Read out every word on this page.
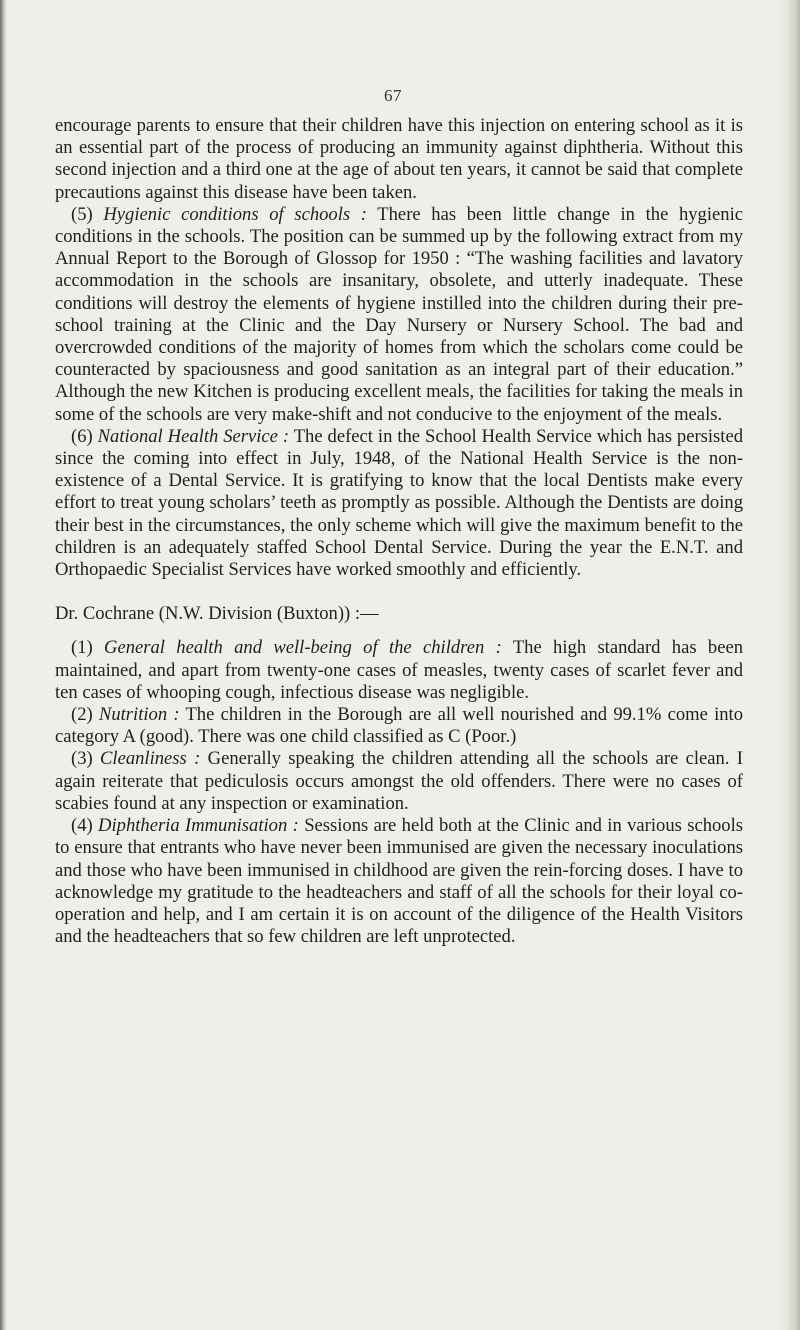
67

encourage parents to ensure that their children have this injection on entering school as it is an essential part of the process of producing an immunity against diphtheria. Without this second injection and a third one at the age of about ten years, it cannot be said that complete precautions against this disease have been taken.

(5) Hygienic conditions of schools : There has been little change in the hygienic conditions in the schools. The position can be summed up by the following extract from my Annual Report to the Borough of Glossop for 1950 : “The washing facilities and lavatory accommodation in the schools are insanitary, obsolete, and utterly inadequate. These conditions will destroy the elements of hygiene instilled into the children during their pre-school training at the Clinic and the Day Nursery or Nursery School. The bad and overcrowded conditions of the majority of homes from which the scholars come could be counteracted by spaciousness and good sanitation as an integral part of their education.” Although the new Kitchen is producing excellent meals, the facilities for taking the meals in some of the schools are very make-shift and not conducive to the enjoyment of the meals.

(6) National Health Service : The defect in the School Health Service which has persisted since the coming into effect in July, 1948, of the National Health Service is the non-existence of a Dental Service. It is gratifying to know that the local Dentists make every effort to treat young scholars’ teeth as promptly as possible. Although the Dentists are doing their best in the circumstances, the only scheme which will give the maximum benefit to the children is an adequately staffed School Dental Service. During the year the E.N.T. and Orthopaedic Specialist Services have worked smoothly and efficiently.

Dr. Cochrane (N.W. Division (Buxton)) :—

(1) General health and well-being of the children : The high standard has been maintained, and apart from twenty-one cases of measles, twenty cases of scarlet fever and ten cases of whooping cough, infectious disease was negligible.

(2) Nutrition : The children in the Borough are all well nourished and 99.1% come into category A (good). There was one child classified as C (Poor.)

(3) Cleanliness : Generally speaking the children attending all the schools are clean. I again reiterate that pediculosis occurs amongst the old offenders. There were no cases of scabies found at any inspection or examination.

(4) Diphtheria Immunisation : Sessions are held both at the Clinic and in various schools to ensure that entrants who have never been immunised are given the necessary inoculations and those who have been immunised in childhood are given the rein-forcing doses. I have to acknowledge my gratitude to the headteachers and staff of all the schools for their loyal co-operation and help, and I am certain it is on account of the diligence of the Health Visitors and the headteachers that so few children are left unprotected.
